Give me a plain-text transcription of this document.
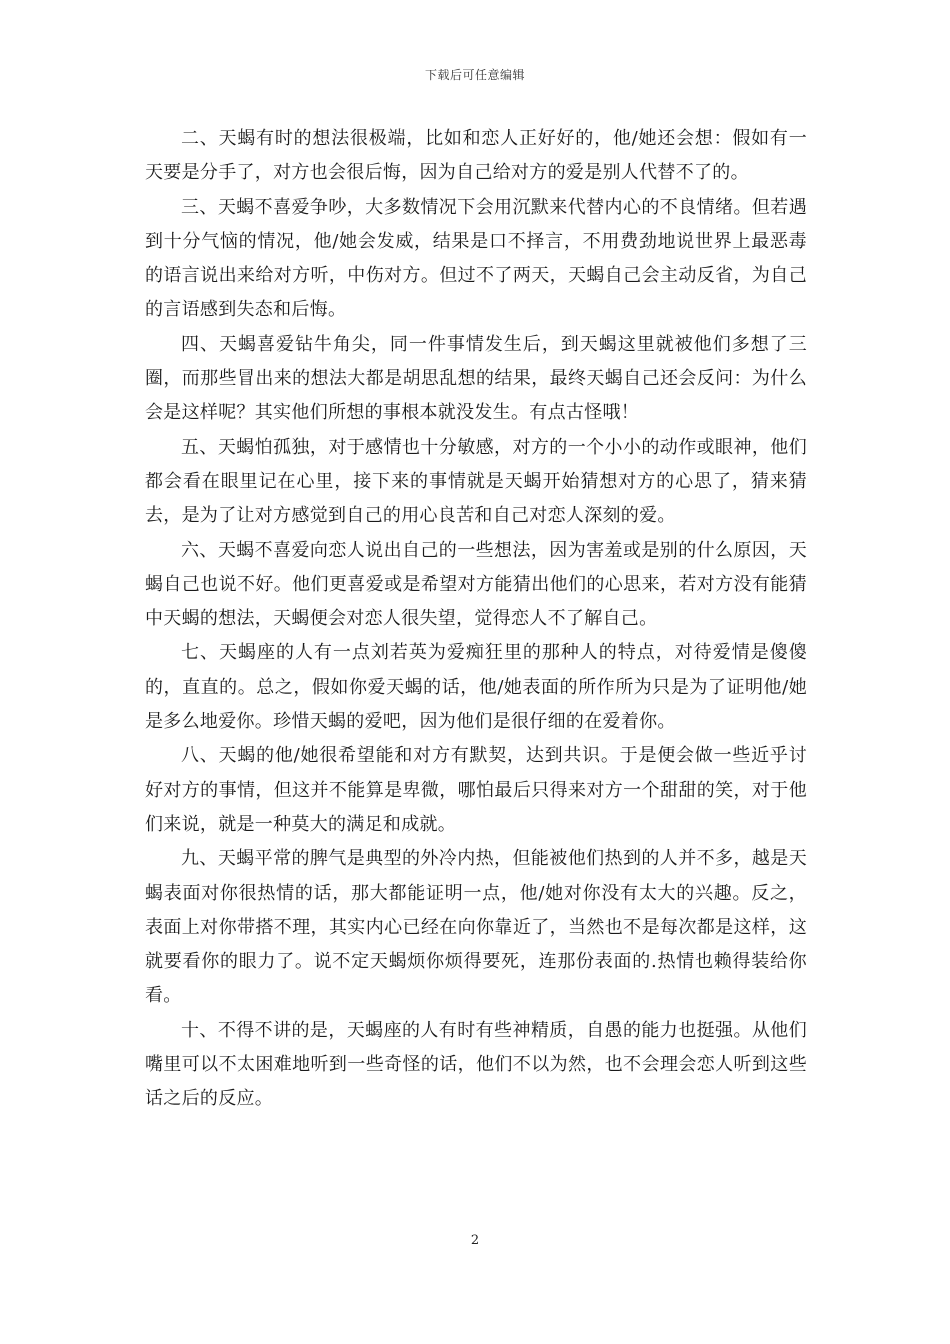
下载后可任意编辑

二、天蝎有时的想法很极端，比如和恋人正好好的，他/她还会想：假如有一天要是分手了，对方也会很后悔，因为自己给对方的爱是别人代替不了的。

三、天蝎不喜爱争吵，大多数情况下会用沉默来代替内心的不良情绪。但若遇到十分气恼的情况，他/她会发威，结果是口不择言，不用费劲地说世界上最恶毒的语言说出来给对方听，中伤对方。但过不了两天，天蝎自己会主动反省，为自己的言语感到失态和后悔。

四、天蝎喜爱钻牛角尖，同一件事情发生后，到天蝎这里就被他们多想了三圈，而那些冒出来的想法大都是胡思乱想的结果，最终天蝎自己还会反问：为什么会是这样呢？其实他们所想的事根本就没发生。有点古怪哦！

五、天蝎怕孤独，对于感情也十分敏感，对方的一个小小的动作或眼神，他们都会看在眼里记在心里，接下来的事情就是天蝎开始猜想对方的心思了，猜来猜去，是为了让对方感觉到自己的用心良苦和自己对恋人深刻的爱。

六、天蝎不喜爱向恋人说出自己的一些想法，因为害羞或是别的什么原因，天蝎自己也说不好。他们更喜爱或是希望对方能猜出他们的心思来，若对方没有能猜中天蝎的想法，天蝎便会对恋人很失望，觉得恋人不了解自己。

七、天蝎座的人有一点刘若英为爱痴狂里的那种人的特点，对待爱情是傻傻的，直直的。总之，假如你爱天蝎的话，他/她表面的所作所为只是为了证明他/她是多么地爱你。珍惜天蝎的爱吧，因为他们是很仔细的在爱着你。

八、天蝎的他/她很希望能和对方有默契，达到共识。于是便会做一些近乎讨好对方的事情，但这并不能算是卑微，哪怕最后只得来对方一个甜甜的笑，对于他们来说，就是一种莫大的满足和成就。

九、天蝎平常的脾气是典型的外冷内热，但能被他们热到的人并不多，越是天蝎表面对你很热情的话，那大都能证明一点，他/她对你没有太大的兴趣。反之，表面上对你带搭不理，其实内心已经在向你靠近了，当然也不是每次都是这样，这就要看你的眼力了。说不定天蝎烦你烦得要死，连那份表面的.热情也赖得装给你看。

十、不得不讲的是，天蝎座的人有时有些神精质，自愚的能力也挺强。从他们嘴里可以不太困难地听到一些奇怪的话，他们不以为然，也不会理会恋人听到这些话之后的反应。

2
